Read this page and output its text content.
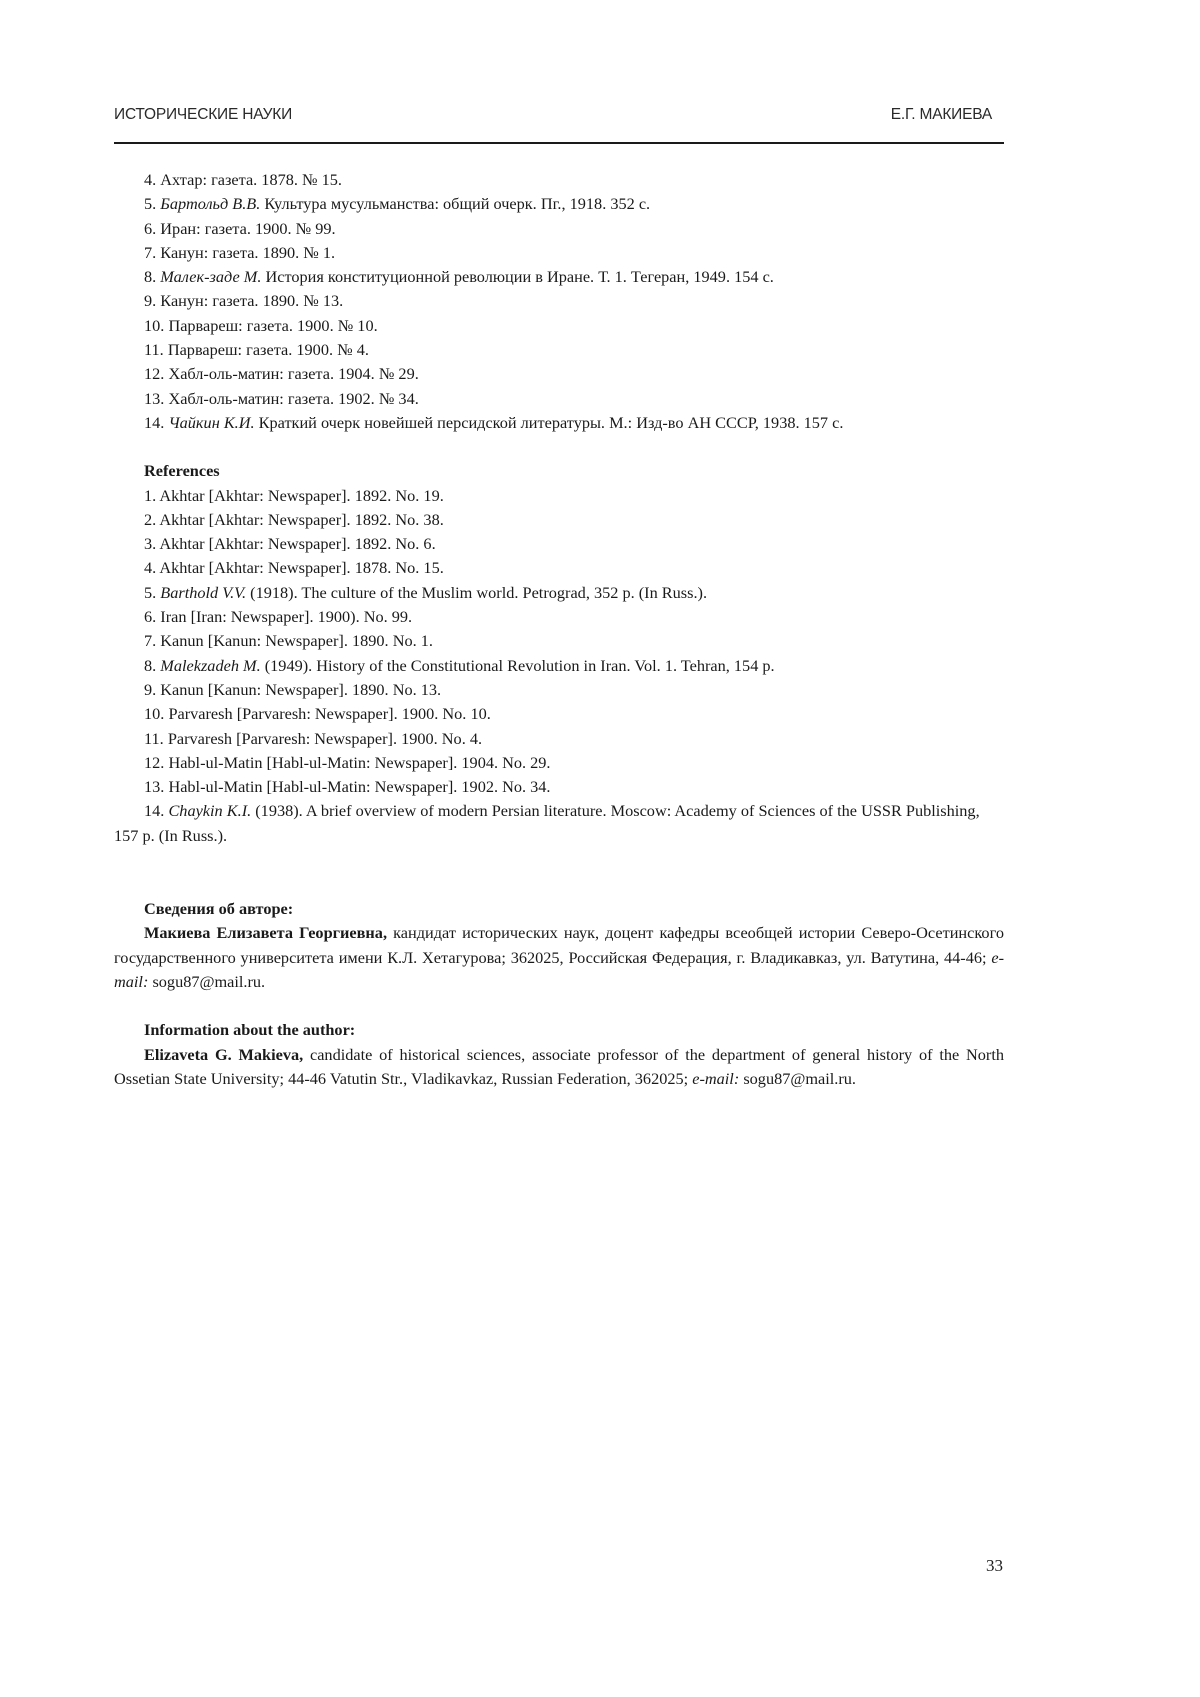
ИСТОРИЧЕСКИЕ НАУКИ	Е.Г. МАКИЕВА

4. Ахтар: газета. 1878. № 15.

5. Бартольд В.В. Культура мусульманства: общий очерк. Пг., 1918. 352 с.

6. Иран: газета. 1900. № 99.

7. Канун: газета. 1890. № 1.

8. Малек-заде М. История конституционной революции в Иране. Т. 1. Тегеран, 1949. 154 с.

9. Канун: газета. 1890. № 13.

10. Парвареш: газета. 1900. № 10.

11. Парвареш: газета. 1900. № 4.

12. Хабл-оль-матин: газета. 1904. № 29.

13. Хабл-оль-матин: газета. 1902. № 34.

14. Чайкин К.И. Краткий очерк новейшей персидской литературы. М.: Изд-во АН СССР, 1938. 157 с.

References

1. Akhtar [Akhtar: Newspaper]. 1892. No. 19.

2. Akhtar [Akhtar: Newspaper]. 1892. No. 38.

3. Akhtar [Akhtar: Newspaper]. 1892. No. 6.

4. Akhtar [Akhtar: Newspaper]. 1878. No. 15.

5. Barthold V.V. (1918). The culture of the Muslim world. Petrograd, 352 p. (In Russ.).

6. Iran [Iran: Newspaper]. 1900). No. 99.

7. Kanun [Kanun: Newspaper]. 1890. No. 1.

8. Malekzadeh M. (1949). History of the Constitutional Revolution in Iran. Vol. 1. Tehran, 154 p.

9. Kanun [Kanun: Newspaper]. 1890. No. 13.

10. Parvaresh [Parvaresh: Newspaper]. 1900. No. 10.

11. Parvaresh [Parvaresh: Newspaper]. 1900. No. 4.

12. Habl-ul-Matin [Habl-ul-Matin: Newspaper]. 1904. No. 29.

13. Habl-ul-Matin [Habl-ul-Matin: Newspaper]. 1902. No. 34.

14. Chaykin K.I. (1938). A brief overview of modern Persian literature. Moscow: Academy of Sciences of the USSR Publishing, 157 p. (In Russ.).

Сведения об авторе:

Макиева Елизавета Георгиевна, кандидат исторических наук, доцент кафедры всеобщей истории Северо-Осетинского государственного университета имени К.Л. Хетагурова; 362025, Российская Федерация, г. Владикавказ, ул. Ватутина, 44-46; e-mail: sogu87@mail.ru.

Information about the author:

Elizaveta G. Makieva, candidate of historical sciences, associate professor of the department of general history of the North Ossetian State University; 44-46 Vatutin Str., Vladikavkaz, Russian Federation, 362025; e-mail: sogu87@mail.ru.

33
